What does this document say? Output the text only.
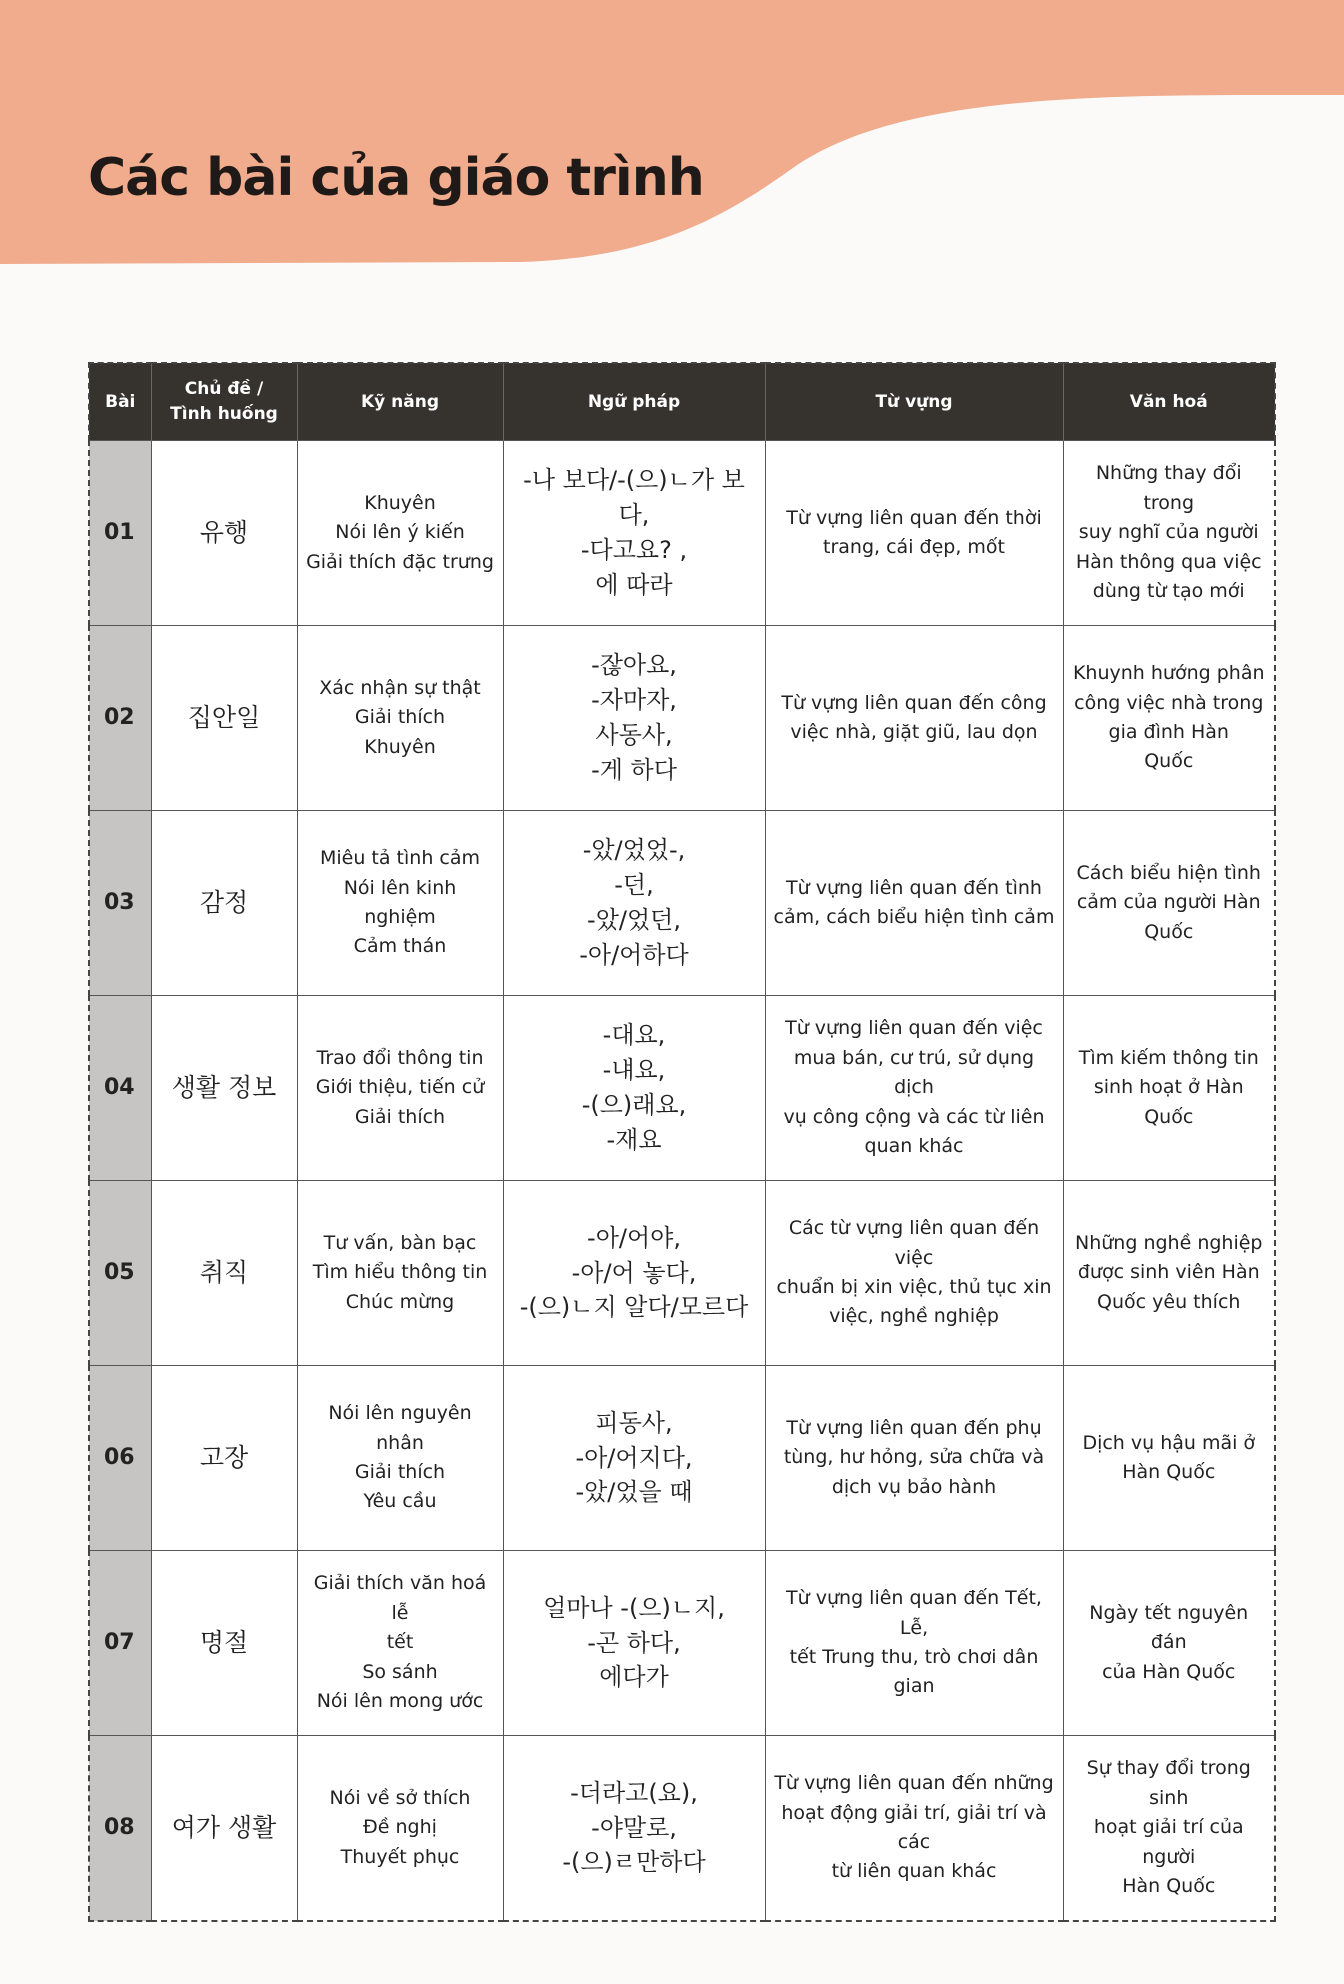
Các bài của giáo trình
Bài	Chủ đề /
Tình huống	Kỹ năng	Ngữ pháp	Từ vựng	Văn hoá
01	유행	Khuyên
Nói lên ý kiến
Giải thích đặc trưng	-나 보다/-(으)ㄴ가 보
다,
-다고요? ,
에 따라	Từ vựng liên quan đến thời
trang, cái đẹp, mốt	Những thay đổi trong
suy nghĩ của người
Hàn thông qua việc
dùng từ tạo mới

02	집안일	Xác nhận sự thật
Giải thích
Khuyên	-잖아요,
-자마자,
사동사,
-게 하다	Từ vựng liên quan đến công
việc nhà, giặt giũ, lau dọn	Khuynh hướng phân
công việc nhà trong
gia đình Hàn
Quốc

03	감정	Miêu tả tình cảm
Nói lên kinh nghiệm
Cảm thán	-았/었었-,
-던,
-았/었던,
-아/어하다	Từ vựng liên quan đến tình
cảm, cách biểu hiện tình cảm	Cách biểu hiện tình
cảm của người Hàn
Quốc

04	생활 정보	Trao đổi thông tin
Giới thiệu, tiến cử
Giải thích	-대요,
-냬요,
-(으)래요,
-재요	Từ vựng liên quan đến việc
mua bán, cư trú, sử dụng dịch
vụ công cộng và các từ liên
quan khác	Tìm kiếm thông tin
sinh hoạt ở Hàn Quốc

05	취직	Tư vấn, bàn bạc
Tìm hiểu thông tin
Chúc mừng	-아/어야,
-아/어 놓다,
-(으)ㄴ지 알다/모르다	Các từ vựng liên quan đến việc
chuẩn bị xin việc, thủ tục xin
việc, nghề nghiệp	Những nghề nghiệp
được sinh viên Hàn
Quốc yêu thích

06	고장	Nói lên nguyên nhân
Giải thích
Yêu cầu	피동사,
-아/어지다,
-았/었을 때	Từ vựng liên quan đến phụ
tùng, hư hỏng, sửa chữa và
dịch vụ bảo hành	Dịch vụ hậu mãi ở
Hàn Quốc

07	명절	Giải thích văn hoá lễ
tết
So sánh
Nói lên mong ước	얼마나 -(으)ㄴ지,
-곤 하다,
에다가	Từ vựng liên quan đến Tết, Lễ,
tết Trung thu, trò chơi dân gian	Ngày tết nguyên đán
của Hàn Quốc

08	여가 생활	Nói về sở thích
Đề nghị
Thuyết phục	-더라고(요),
-야말로,
-(으)ㄹ만하다	Từ vựng liên quan đến những
hoạt động giải trí, giải trí và các
từ liên quan khác	Sự thay đổi trong sinh
hoạt giải trí của người
Hàn Quốc
